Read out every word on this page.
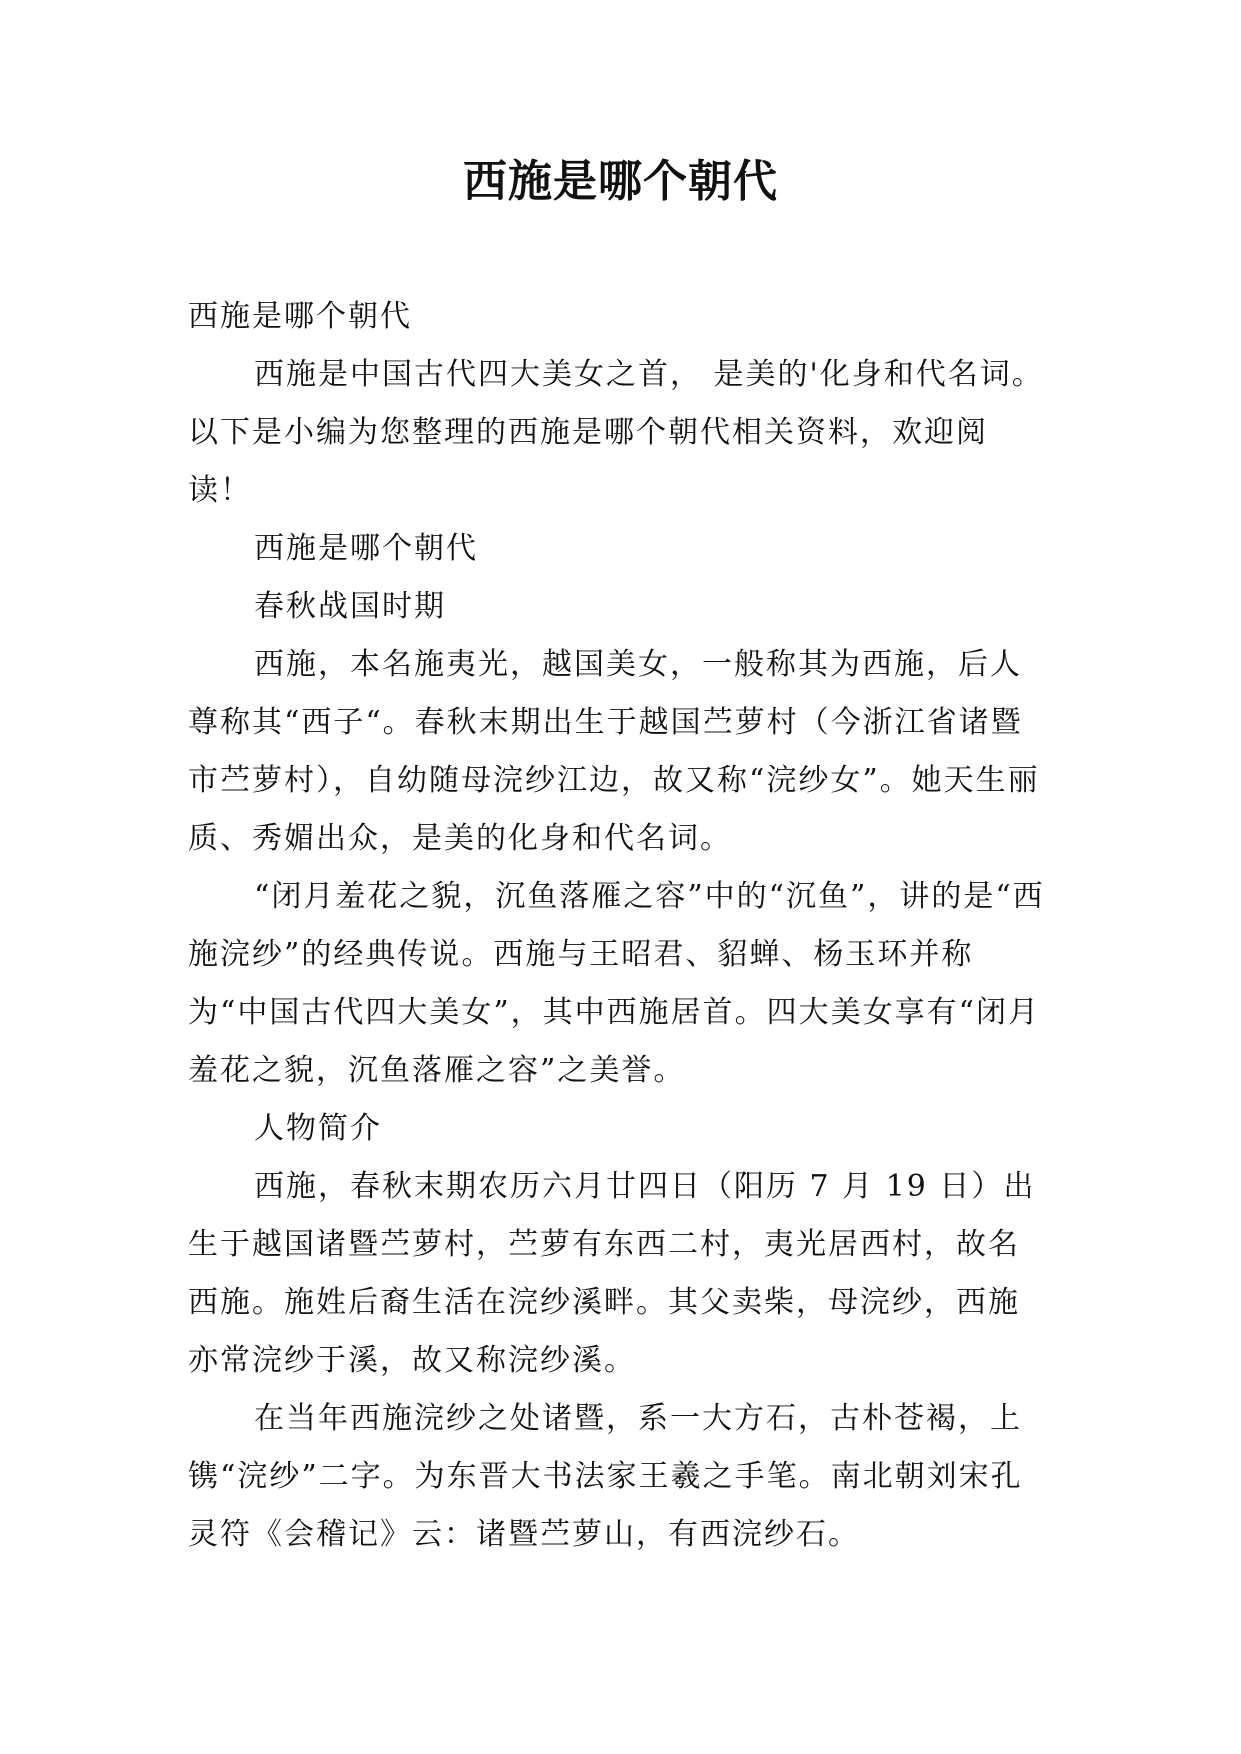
西施是哪个朝代

西施是哪个朝代

西施是中国古代四大美女之首， 是美的'化身和代名词。以下是小编为您整理的西施是哪个朝代相关资料，欢迎阅读！

西施是哪个朝代

春秋战国时期

西施，本名施夷光，越国美女，一般称其为西施，后人尊称其“西子“。春秋末期出生于越国苎萝村（今浙江省诸暨市苎萝村），自幼随母浣纱江边，故又称“浣纱女”。她天生丽质、秀媚出众，是美的化身和代名词。

“闭月羞花之貌，沉鱼落雁之容”中的“沉鱼”，讲的是“西施浣纱”的经典传说。西施与王昭君、貂蝉、杨玉环并称为“中国古代四大美女”，其中西施居首。四大美女享有“闭月羞花之貌，沉鱼落雁之容”之美誉。

人物简介

西施，春秋末期农历六月廿四日（阳历 7 月 19 日）出生于越国诸暨苎萝村，苎萝有东西二村，夷光居西村，故名西施。施姓后裔生活在浣纱溪畔。其父卖柴，母浣纱，西施亦常浣纱于溪，故又称浣纱溪。

在当年西施浣纱之处诸暨，系一大方石，古朴苍褐，上镌“浣纱”二字。为东晋大书法家王羲之手笔。南北朝刘宋孔灵符《会稽记》云：诸暨苎萝山，有西浣纱石。
